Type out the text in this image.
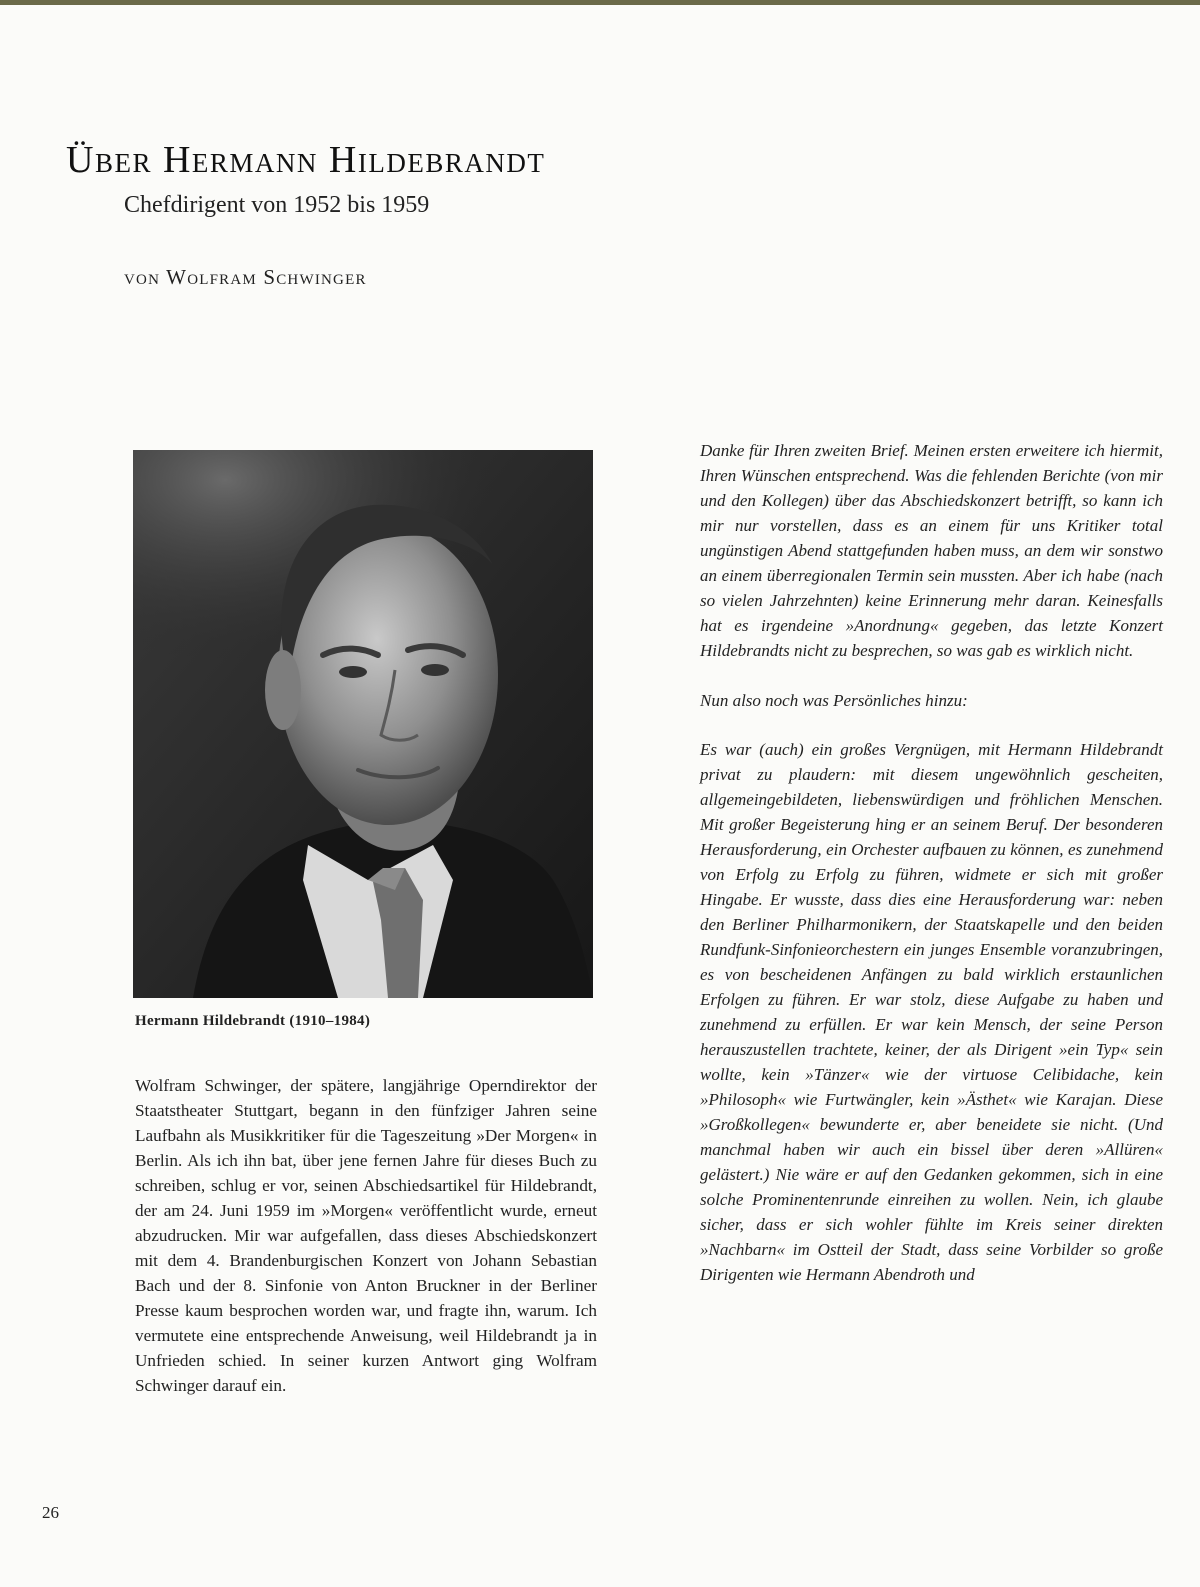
Über Hermann Hildebrandt
Chefdirigent von 1952 bis 1959

von Wolfram Schwinger

Hermann Hildebrandt (1910–1984)

Wolfram Schwinger, der spätere, langjährige Operndirektor der Staatstheater Stuttgart, begann in den fünfziger Jahren seine Laufbahn als Musikkritiker für die Tageszeitung »Der Morgen« in Berlin. Als ich ihn bat, über jene fernen Jahre für dieses Buch zu schreiben, schlug er vor, seinen Abschiedsartikel für Hildebrandt, der am 24. Juni 1959 im »Morgen« veröffentlicht wurde, erneut abzudrucken. Mir war aufgefallen, dass dieses Abschiedskonzert mit dem 4. Brandenburgischen Konzert von Johann Sebastian Bach und der 8. Sinfonie von Anton Bruckner in der Berliner Presse kaum besprochen worden war, und fragte ihn, warum. Ich vermutete eine entsprechende Anweisung, weil Hildebrandt ja in Unfrieden schied. In seiner kurzen Antwort ging Wolfram Schwinger darauf ein.

Danke für Ihren zweiten Brief. Meinen ersten erweitere ich hiermit, Ihren Wünschen entsprechend. Was die fehlenden Berichte (von mir und den Kollegen) über das Abschiedskonzert betrifft, so kann ich mir nur vorstellen, dass es an einem für uns Kritiker total ungünstigen Abend stattgefunden haben muss, an dem wir sonstwo an einem überregionalen Termin sein mussten. Aber ich habe (nach so vielen Jahrzehnten) keine Erinnerung mehr daran. Keinesfalls hat es irgendeine »Anordnung« gegeben, das letzte Konzert Hildebrandts nicht zu besprechen, so was gab es wirklich nicht.

Nun also noch was Persönliches hinzu:

Es war (auch) ein großes Vergnügen, mit Hermann Hildebrandt privat zu plaudern: mit diesem ungewöhnlich gescheiten, allgemeingebildeten, liebenswürdigen und fröhlichen Menschen. Mit großer Begeisterung hing er an seinem Beruf. Der besonderen Herausforderung, ein Orchester aufbauen zu können, es zunehmend von Erfolg zu Erfolg zu führen, widmete er sich mit großer Hingabe. Er wusste, dass dies eine Herausforderung war: neben den Berliner Philharmonikern, der Staatskapelle und den beiden Rundfunk-Sinfonieorchestern ein junges Ensemble voranzubringen, es von bescheidenen Anfängen zu bald wirklich erstaunlichen Erfolgen zu führen. Er war stolz, diese Aufgabe zu haben und zunehmend zu erfüllen. Er war kein Mensch, der seine Person herauszustellen trachtete, keiner, der als Dirigent »ein Typ« sein wollte, kein »Tänzer« wie der virtuose Celibidache, kein »Philosoph« wie Furtwängler, kein »Ästhet« wie Karajan. Diese »Großkollegen« bewunderte er, aber beneidete sie nicht. (Und manchmal haben wir auch ein bissel über deren »Allüren« gelästert.) Nie wäre er auf den Gedanken gekommen, sich in eine solche Prominentenrunde einreihen zu wollen. Nein, ich glaube sicher, dass er sich wohler fühlte im Kreis seiner direkten »Nachbarn« im Ostteil der Stadt, dass seine Vorbilder so große Dirigenten wie Hermann Abendroth und

26
